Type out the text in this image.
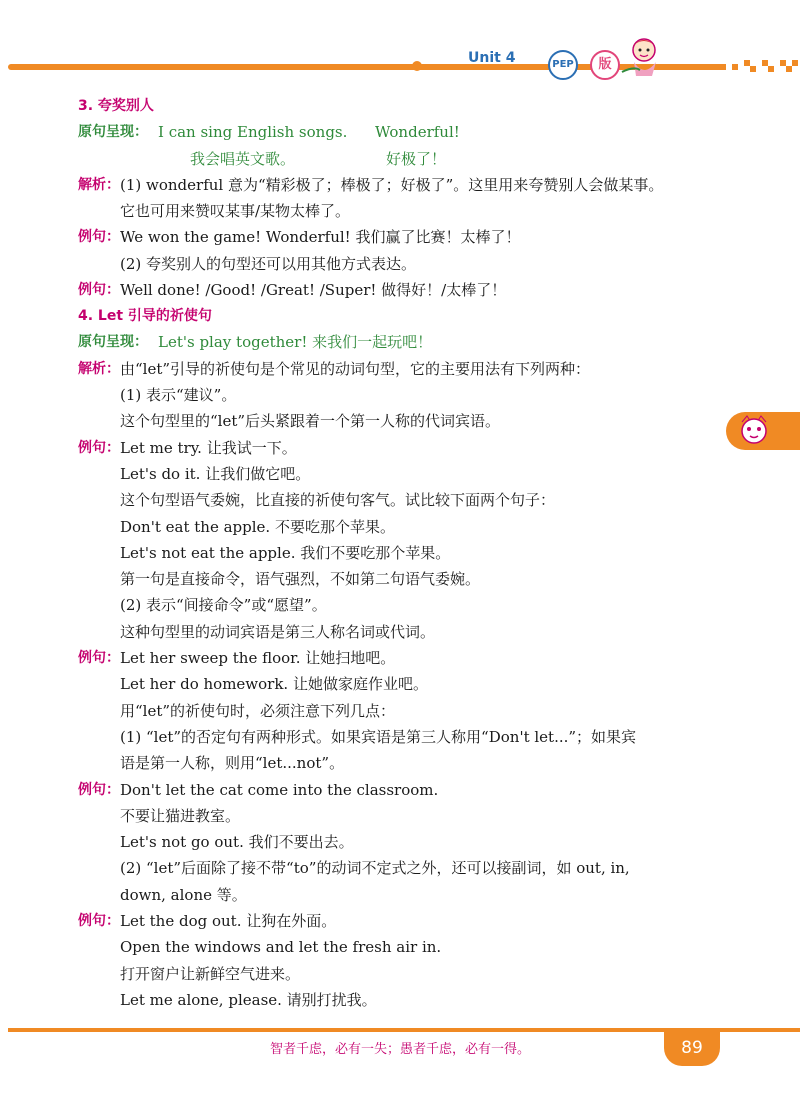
Unit 4	PEP	版
3. 夸奖别人
原句呈现： I can sing English songs. Wonderful!
我会唱英文歌。	好极了！
解析： (1) wonderful 意为“精彩极了；棒极了；好极了”。这里用来夸赞别人会做某事。
它也可用来赞叹某事/某物太棒了。
例句： We won the game! Wonderful! 我们赢了比赛！太棒了！
(2) 夸奖别人的句型还可以用其他方式表达。
例句： Well done! /Good! /Great! /Super! 做得好！/太棒了！
4. Let 引导的祈使句
原句呈现： Let's play together! 来我们一起玩吧！
解析： 由“let”引导的祈使句是个常见的动词句型，它的主要用法有下列两种：
(1) 表示“建议”。
这个句型里的“let”后头紧跟着一个第一人称的代词宾语。
例句： Let me try. 让我试一下。
Let's do it. 让我们做它吧。
这个句型语气委婉，比直接的祈使句客气。试比较下面两个句子：
Don't eat the apple. 不要吃那个苹果。
Let's not eat the apple. 我们不要吃那个苹果。
第一句是直接命令，语气强烈，不如第二句语气委婉。
(2) 表示“间接命令”或“愿望”。
这种句型里的动词宾语是第三人称名词或代词。
例句： Let her sweep the floor. 让她扫地吧。
Let her do homework. 让她做家庭作业吧。
用“let”的祈使句时，必须注意下列几点：
(1) “let”的否定句有两种形式。如果宾语是第三人称用“Don't let...”；如果宾
语是第一人称，则用“let...not”。
例句： Don't let the cat come into the classroom.
不要让猫进教室。
Let's not go out. 我们不要出去。
(2) “let”后面除了接不带“to”的动词不定式之外，还可以接副词，如 out, in,
down, alone 等。
例句： Let the dog out. 让狗在外面。
Open the windows and let the fresh air in.
打开窗户让新鲜空气进来。
Let me alone, please. 请别打扰我。
智者千虑，必有一失；愚者千虑，必有一得。	89
